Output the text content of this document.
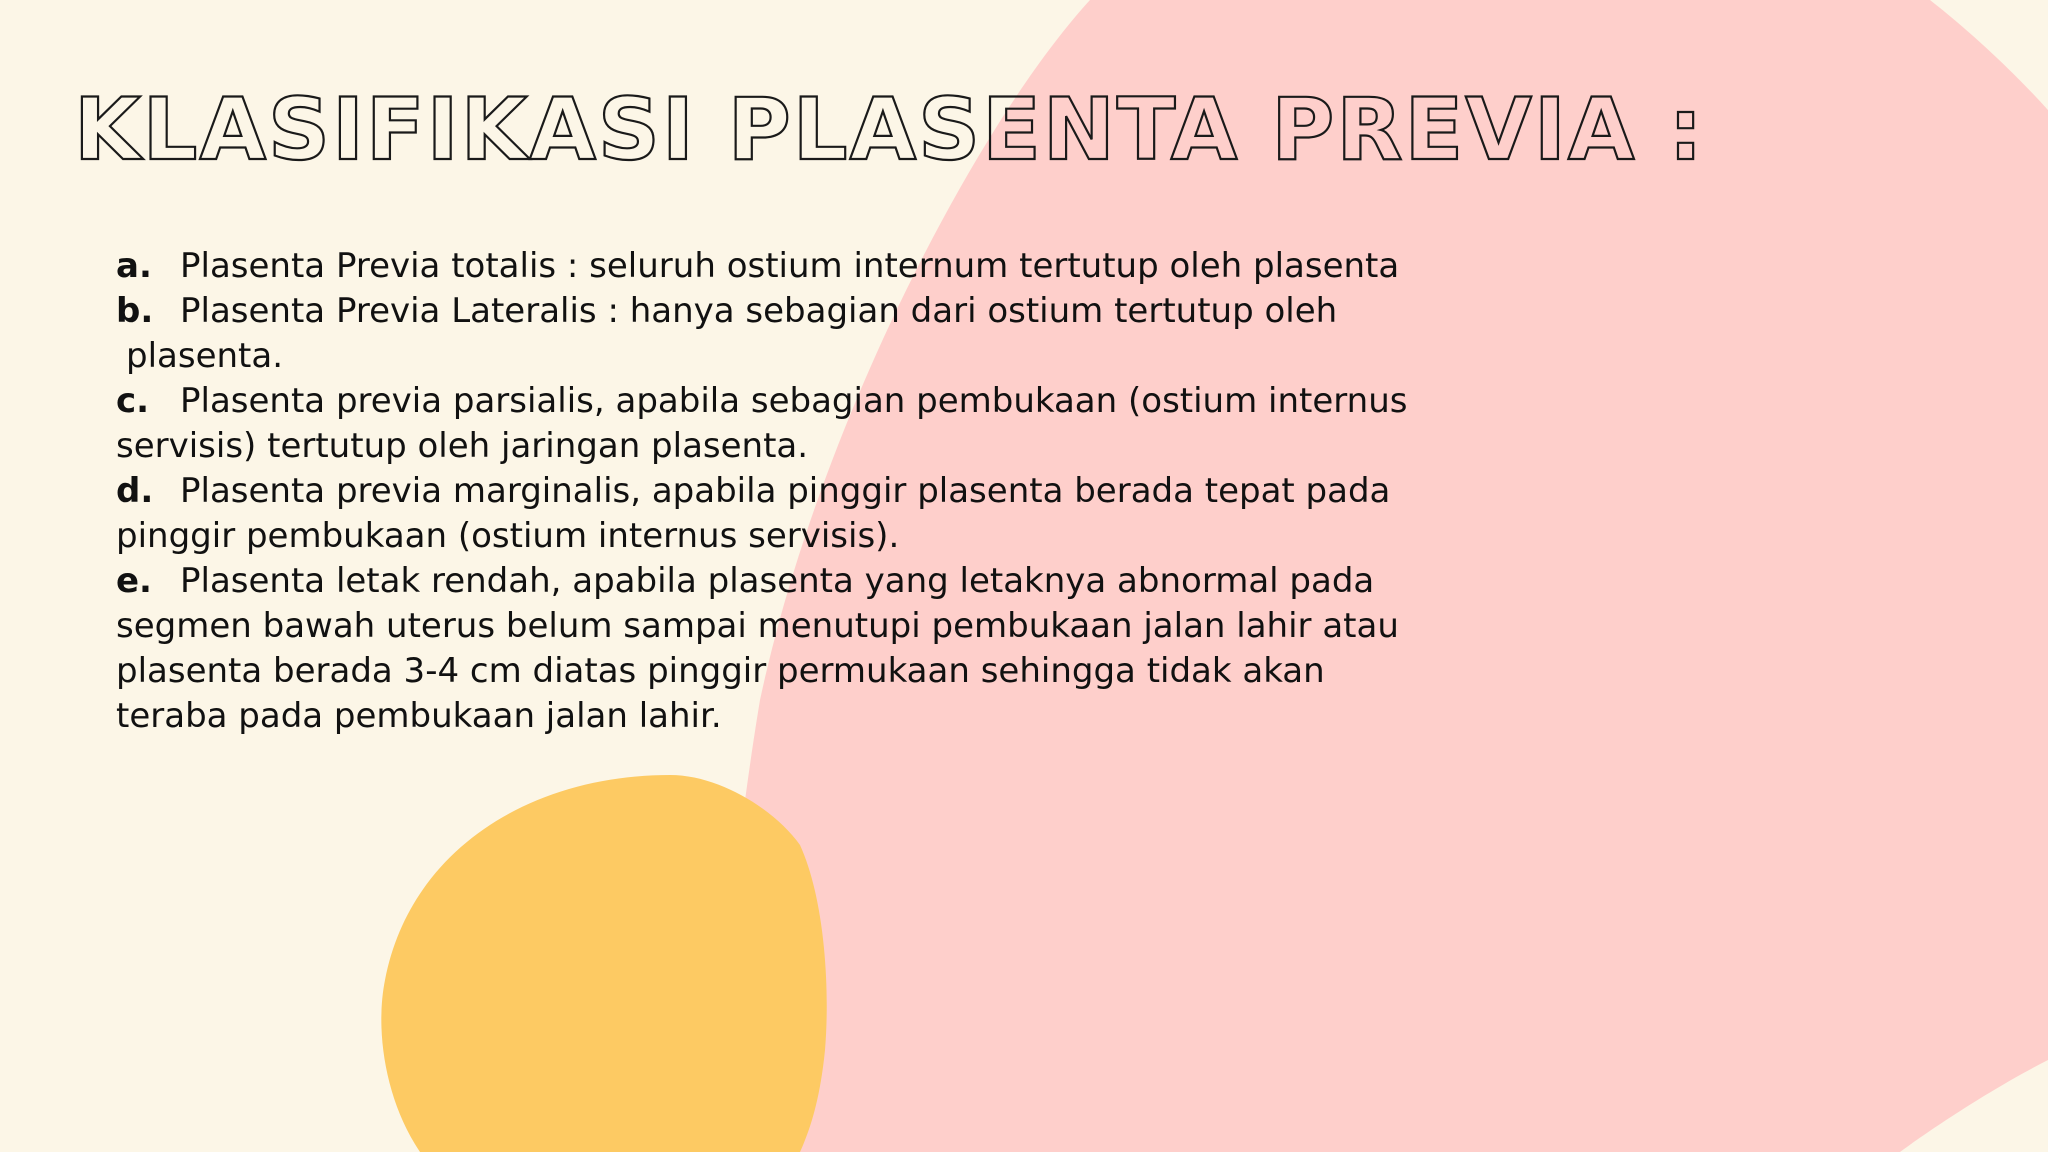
KLASIFIKASI PLASENTA PREVIA :
a. Plasenta Previa totalis : seluruh ostium internum tertutup oleh plasenta
b. Plasenta Previa Lateralis : hanya sebagian dari ostium tertutup oleh
plasenta.
c. Plasenta previa parsialis, apabila sebagian pembukaan (ostium internus
servisis) tertutup oleh jaringan plasenta.
d. Plasenta previa marginalis, apabila pinggir plasenta berada tepat pada
pinggir pembukaan (ostium internus servisis).
e. Plasenta letak rendah, apabila plasenta yang letaknya abnormal pada
segmen bawah uterus belum sampai menutupi pembukaan jalan lahir atau
plasenta berada 3-4 cm diatas pinggir permukaan sehingga tidak akan
teraba pada pembukaan jalan lahir.
